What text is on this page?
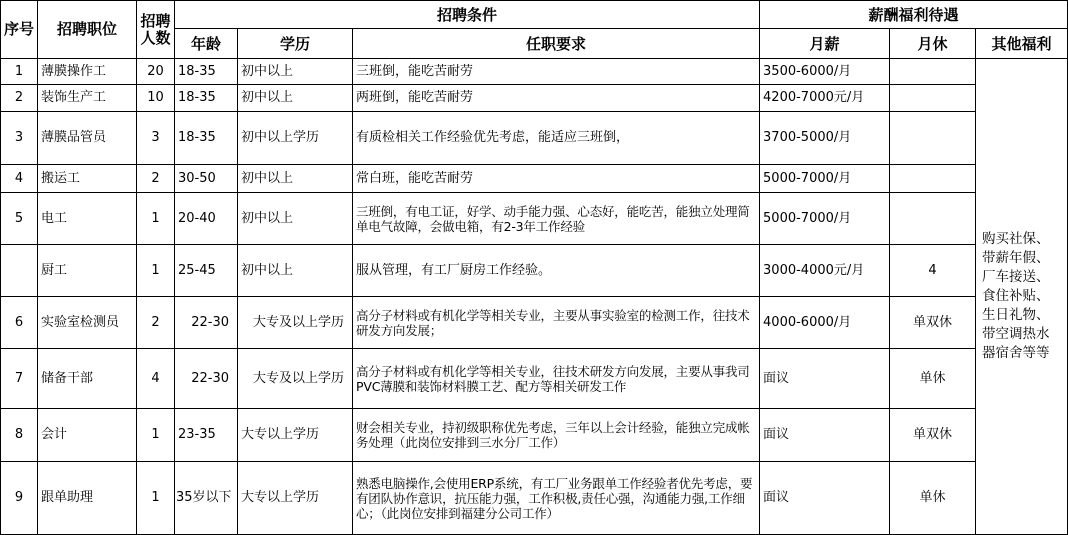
序号	招聘职位	招聘人数	招聘条件			薪酬福利待遇		
			年龄	学历	任职要求	月薪	月休	其他福利
1	薄膜操作工	20	18-35	初中以上	三班倒，能吃苦耐劳	3500-6000/月		购买社保、带薪年假、厂车接送、食住补贴、生日礼物、带空调热水器宿舍等等
2	装饰生产工	10	18-35	初中以上	两班倒，能吃苦耐劳	4200-7000元/月		
3	薄膜品管员	3	18-35	初中以上学历	有质检相关工作经验优先考虑，能适应三班倒，	3700-5000/月		
4	搬运工	2	30-50	初中以上	常白班，能吃苦耐劳	5000-7000/月		
5	电工	1	20-40	初中以上	三班倒，有电工证，好学、动手能力强、心态好，能吃苦，能独立处理简单电气故障，会做电箱，有2-3年工作经验	5000-7000/月		
	厨工	1	25-45	初中以上	服从管理，有工厂厨房工作经验。	3000-4000元/月	4	
6	实验室检测员	2	22-30	大专及以上学历	高分子材料或有机化学等相关专业，主要从事实验室的检测工作，往技术研发方向发展；	4000-6000/月	单双休	
7	储备干部	4	22-30	大专及以上学历	高分子材料或有机化学等相关专业，往技术研发方向发展，主要从事我司PVC薄膜和装饰材料膜工艺、配方等相关研发工作	面议	单休	
8	会计	1	23-35	大专以上学历	财会相关专业，持初级职称优先考虑，三年以上会计经验，能独立完成帐务处理（此岗位安排到三水分厂工作）	面议	单双休	
9	跟单助理	1	35岁以下	大专以上学历	熟悉电脑操作,会使用ERP系统，有工厂业务跟单工作经验者优先考虑，要有团队协作意识，抗压能力强，工作积极,责任心强，沟通能力强,工作细心；（此岗位安排到福建分公司工作）	面议	单休	
